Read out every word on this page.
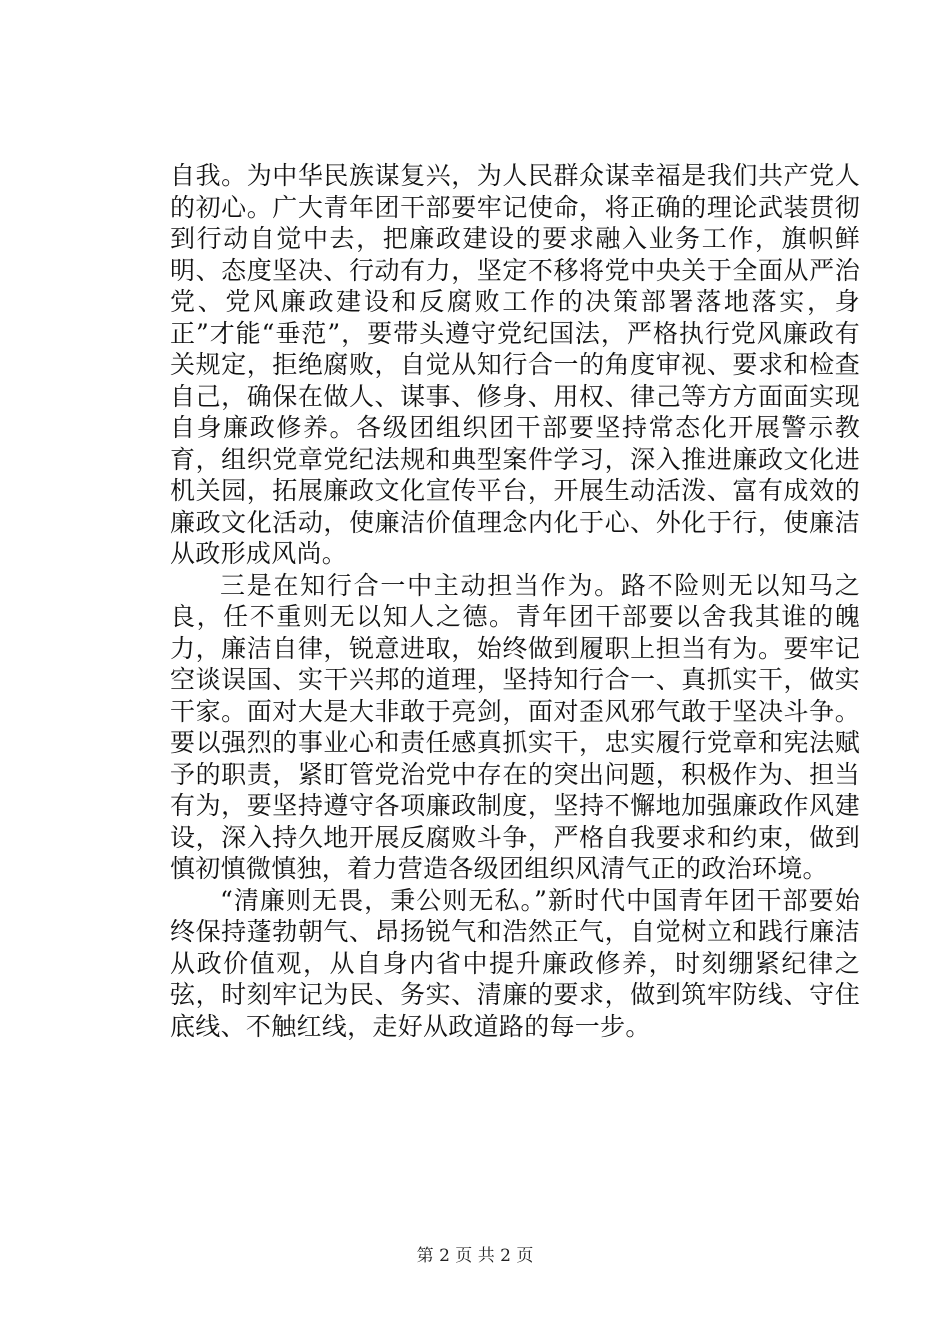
自我。为中华民族谋复兴，为人民群众谋幸福是我们共产党人的初心。广大青年团干部要牢记使命，将正确的理论武装贯彻到行动自觉中去，把廉政建设的要求融入业务工作，旗帜鲜明、态度坚决、行动有力，坚定不移将党中央关于全面从严治党、党风廉政建设和反腐败工作的决策部署落地落实，身正”才能“垂范”，要带头遵守党纪国法，严格执行党风廉政有关规定，拒绝腐败，自觉从知行合一的角度审视、要求和检查自己，确保在做人、谋事、修身、用权、律己等方方面面实现自身廉政修养。各级团组织团干部要坚持常态化开展警示教育，组织党章党纪法规和典型案件学习，深入推进廉政文化进机关园，拓展廉政文化宣传平台，开展生动活泼、富有成效的廉政文化活动，使廉洁价值理念内化于心、外化于行，使廉洁从政形成风尚。

三是在知行合一中主动担当作为。路不险则无以知马之良，任不重则无以知人之德。青年团干部要以舍我其谁的魄力，廉洁自律，锐意进取，始终做到履职上担当有为。要牢记空谈误国、实干兴邦的道理，坚持知行合一、真抓实干，做实干家。面对大是大非敢于亮剑，面对歪风邪气敢于坚决斗争。要以强烈的事业心和责任感真抓实干，忠实履行党章和宪法赋予的职责，紧盯管党治党中存在的突出问题，积极作为、担当有为，要坚持遵守各项廉政制度，坚持不懈地加强廉政作风建设，深入持久地开展反腐败斗争，严格自我要求和约束，做到慎初慎微慎独，着力营造各级团组织风清气正的政治环境。

“清廉则无畏，秉公则无私。”新时代中国青年团干部要始终保持蓬勃朝气、昂扬锐气和浩然正气，自觉树立和践行廉洁从政价值观，从自身内省中提升廉政修养，时刻绷紧纪律之弦，时刻牢记为民、务实、清廉的要求，做到筑牢防线、守住底线、不触红线，走好从政道路的每一步。

第 2 页 共 2 页
